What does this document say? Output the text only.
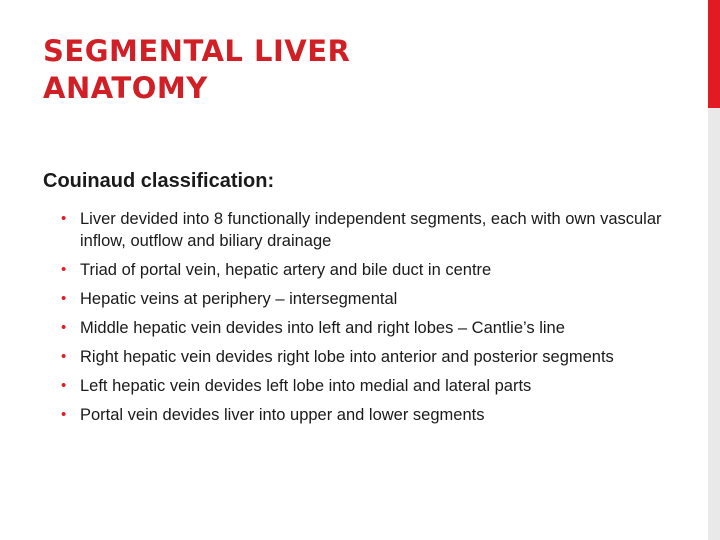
SEGMENTAL LIVER
ANATOMY
Couinaud classification:
• Liver devided into 8 functionally independent segments, each with own vascular inflow, outflow and biliary drainage
• Triad of portal vein, hepatic artery and bile duct in centre
• Hepatic veins at periphery – intersegmental
• Middle hepatic vein devides into left and right lobes – Cantlie’s line
• Right hepatic vein devides right lobe into anterior and posterior segments
• Left hepatic vein devides left lobe into medial and lateral parts
• Portal vein devides liver into upper and lower segments
